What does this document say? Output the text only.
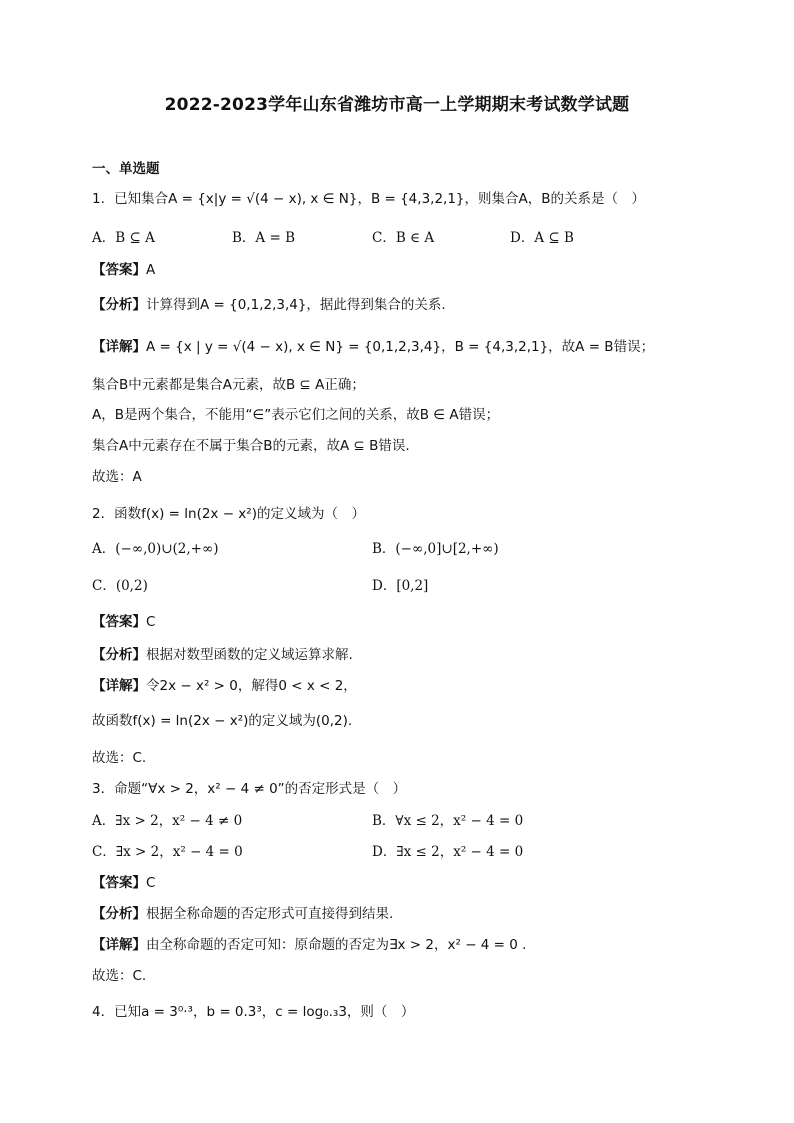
2022-2023学年山东省潍坊市高一上学期期末考试数学试题
一、单选题
1．已知集合A = {x|y = √(4 − x), x ∈ N}，B = {4,3,2,1}，则集合A，B的关系是（　）
A．B ⊆ A	B．A = B	C．B ∈ A	D．A ⊆ B
【答案】A
【分析】计算得到A = {0,1,2,3,4}，据此得到集合的关系.
【详解】A = {x | y = √(4 − x), x ∈ N} = {0,1,2,3,4}，B = {4,3,2,1}，故A = B错误；
集合B中元素都是集合A元素，故B ⊆ A正确；
A，B是两个集合，不能用“∈”表示它们之间的关系，故B ∈ A错误；
集合A中元素存在不属于集合B的元素，故A ⊆ B错误.
故选：A
2．函数f(x) = ln(2x − x²)的定义域为（　）
A．(−∞,0)∪(2,+∞)	B．(−∞,0]∪[2,+∞)
C．(0,2)	D．[0,2]
【答案】C
【分析】根据对数型函数的定义域运算求解.
【详解】令2x − x² > 0，解得0 < x < 2，
故函数f(x) = ln(2x − x²)的定义域为(0,2).
故选：C.
3．命题“∀x > 2，x² − 4 ≠ 0”的否定形式是（　）
A．∃x > 2，x² − 4 ≠ 0	B．∀x ≤ 2，x² − 4 = 0
C．∃x > 2，x² − 4 = 0	D．∃x ≤ 2，x² − 4 = 0
【答案】C
【分析】根据全称命题的否定形式可直接得到结果.
【详解】由全称命题的否定可知：原命题的否定为∃x > 2，x² − 4 = 0 .
故选：C.
4．已知a = 3⁰·³，b = 0.3³，c = log₀.₃3，则（　）
